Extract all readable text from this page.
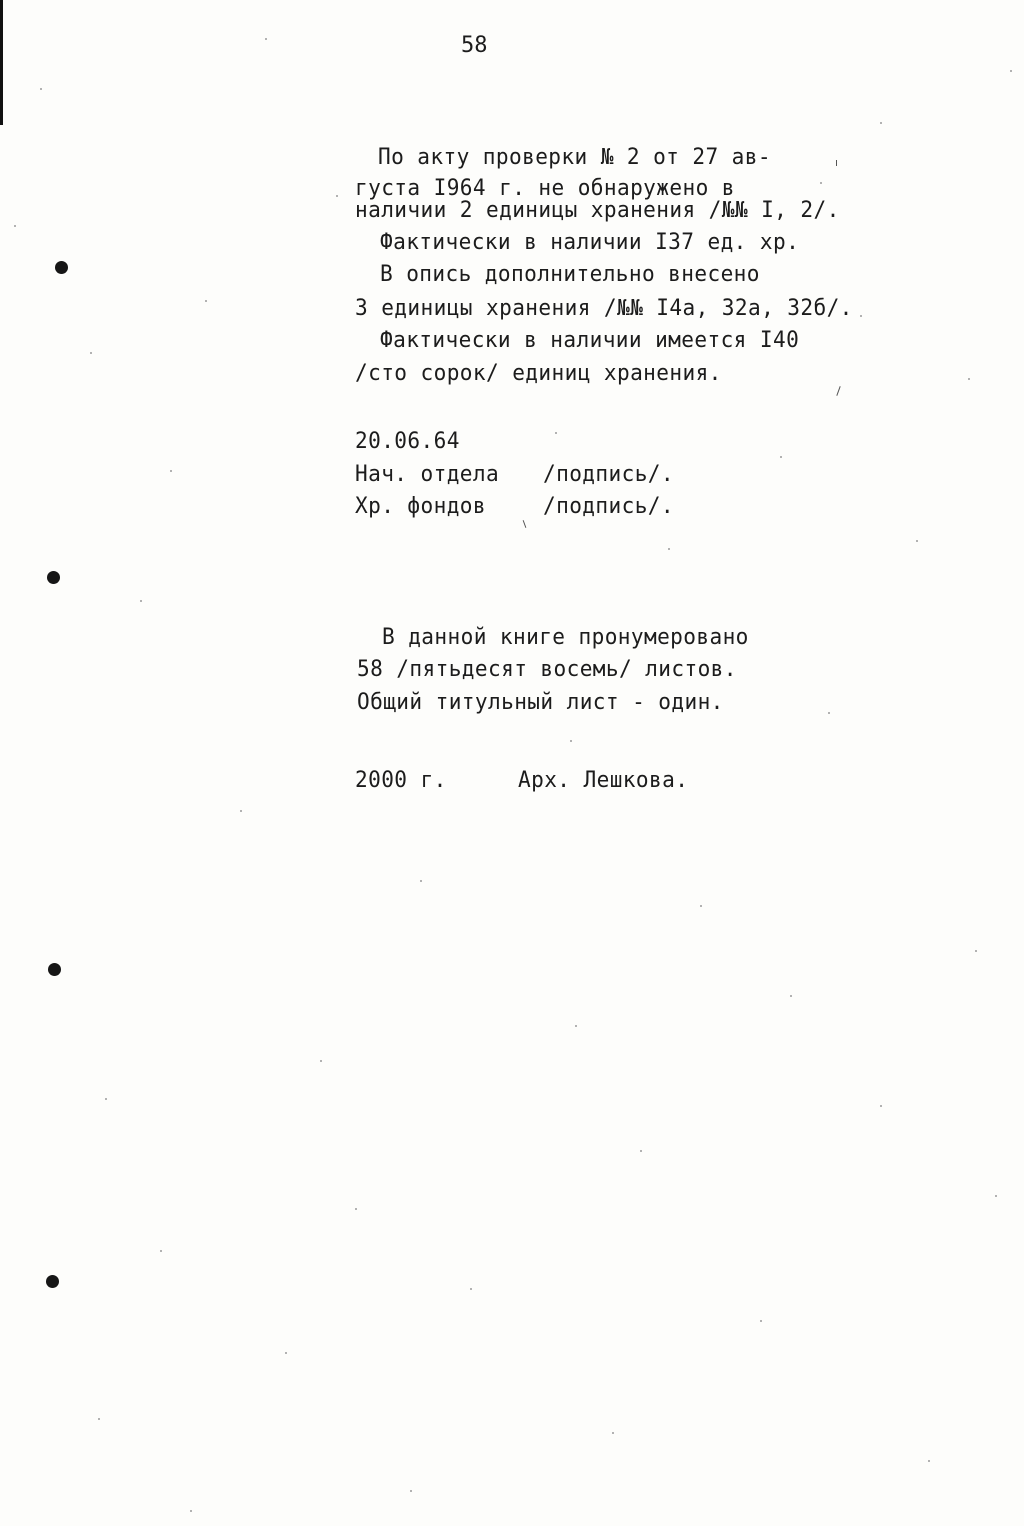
58
По акту проверки № 2 от 27 ав-
густа I964 г. не обнаружено в
наличии 2 единицы хранения /№№ I, 2/.
Фактически в наличии I37 ед. хр.
В опись дополнительно внесено
3 единицы хранения /№№ I4а, 32а, 32б/.
Фактически в наличии имеется I40
/сто сорок/ единиц хранения.
20.06.64
Нач. отдела /подпись/.
Хр. фондов	/подпись/.
В данной книге пронумеровано
58 /пятьдесят восемь/ листов.
Общий титульный лист - один.
2000 г.	Арх. Лешкова.
